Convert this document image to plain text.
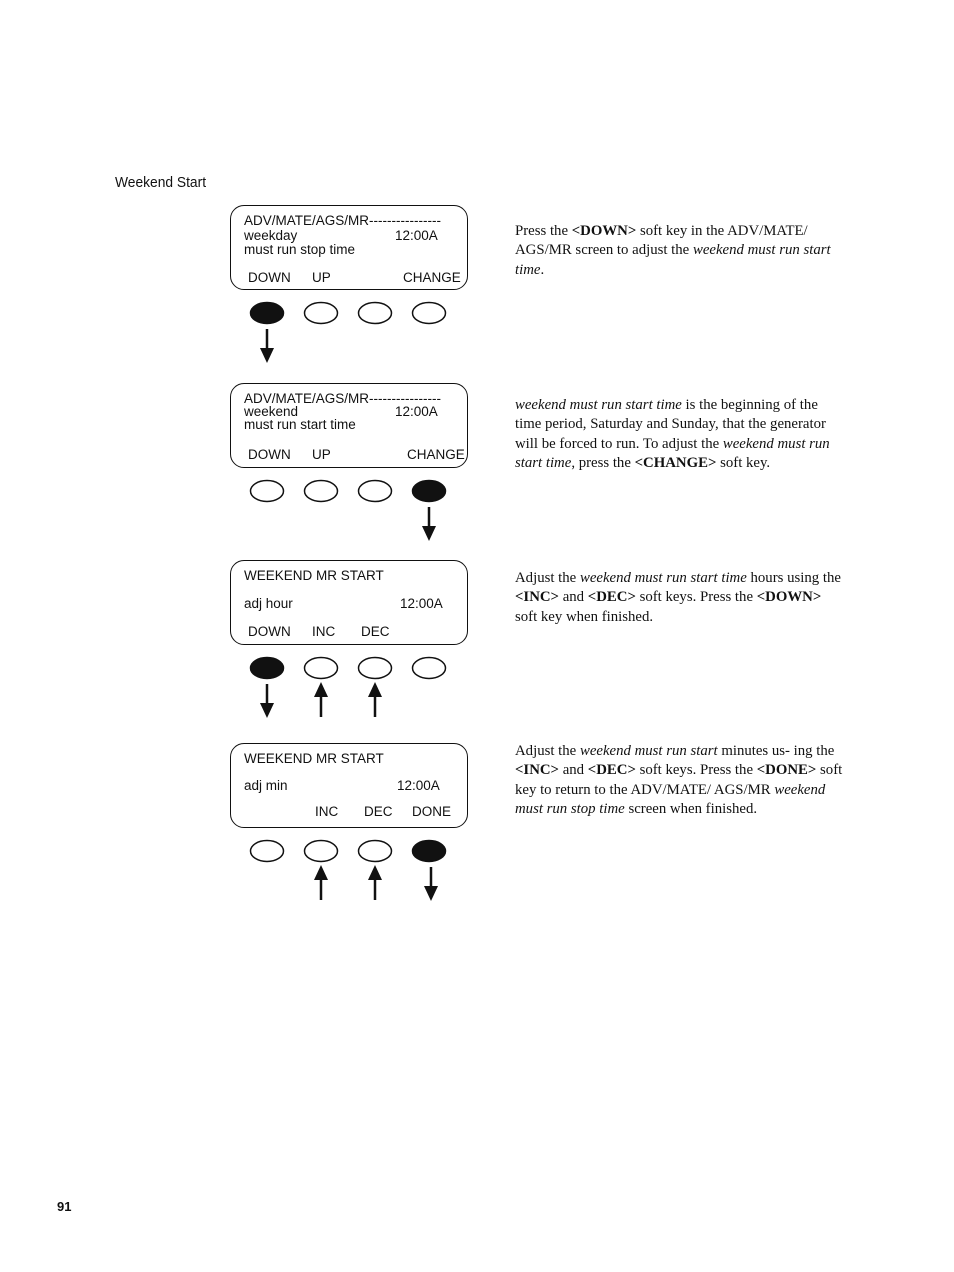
Weekend Start
ADV/MATE/AGS/MR----------------
weekday	12:00A
must run stop time
DOWN UP	CHANGE

Press the <DOWN> soft key in the ADV/MATE/ AGS/MR screen to adjust the weekend must run start time.

ADV/MATE/AGS/MR----------------
weekend	12:00A
must run start time
DOWN UP	CHANGE

weekend must run start time is the beginning of the time period, Saturday and Sunday, that the generator will be forced to run. To adjust the weekend must run start time, press the <CHANGE> soft key.

WEEKEND MR START
adj hour	12:00A
DOWN INC DEC

Adjust the weekend must run start time hours using the <INC> and <DEC> soft keys. Press the <DOWN> soft key when finished.

WEEKEND MR START
adj min	12:00A
INC DEC DONE

Adjust the weekend must run start minutes us- ing the <INC> and <DEC> soft keys. Press the <DONE> soft key to return to the ADV/MATE/ AGS/MR weekend must run stop time screen when finished.

91
